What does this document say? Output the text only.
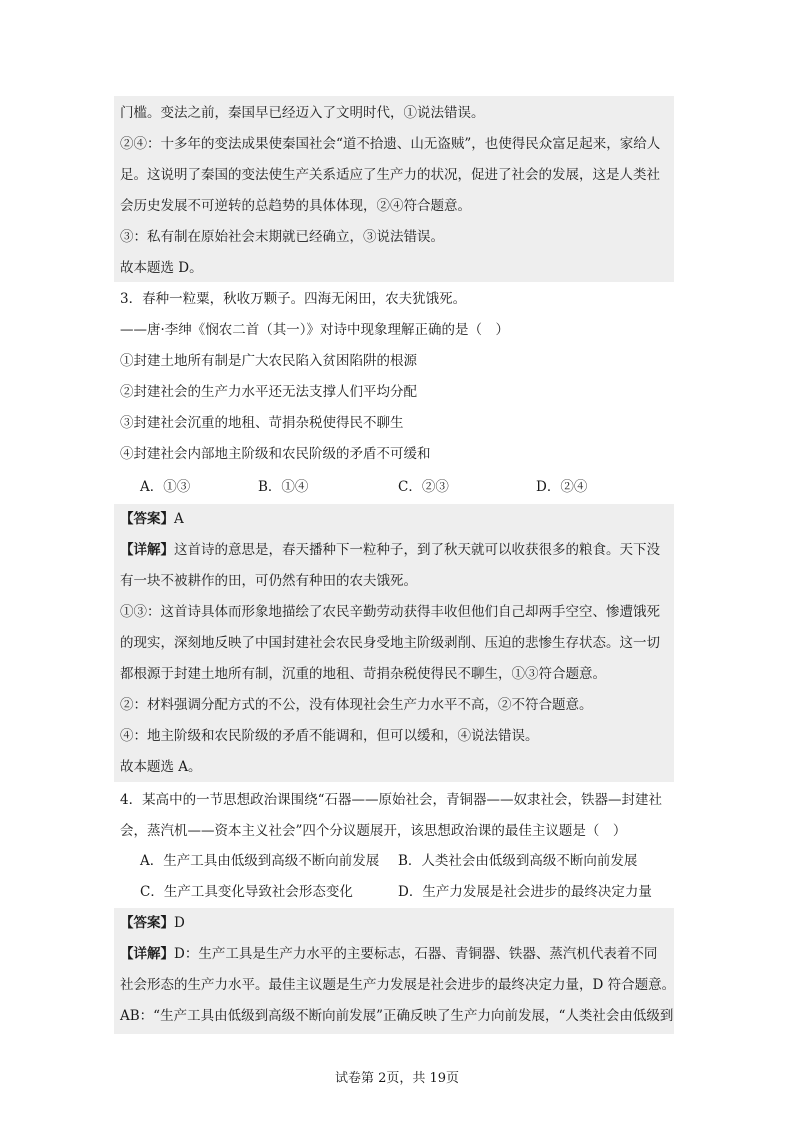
门槛。变法之前，秦国早已经迈入了文明时代，①说法错误。
②④：十多年的变法成果使秦国社会“道不拾遗、山无盗贼”，也使得民众富足起来，家给人
足。这说明了秦国的变法使生产关系适应了生产力的状况，促进了社会的发展，这是人类社
会历史发展不可逆转的总趋势的具体体现，②④符合题意。
③：私有制在原始社会末期就已经确立，③说法错误。
故本题选 D。
3．春种一粒粟，秋收万颗子。四海无闲田，农夫犹饿死。
——唐·李绅《悯农二首（其一）》对诗中现象理解正确的是（　）
①封建土地所有制是广大农民陷入贫困陷阱的根源
②封建社会的生产力水平还无法支撑人们平均分配
③封建社会沉重的地租、苛捐杂税使得民不聊生
④封建社会内部地主阶级和农民阶级的矛盾不可缓和
A．①③	B．①④	C．②③	D．②④
【答案】A
【详解】这首诗的意思是，春天播种下一粒种子，到了秋天就可以收获很多的粮食。天下没
有一块不被耕作的田，可仍然有种田的农夫饿死。
①③：这首诗具体而形象地描绘了农民辛勤劳动获得丰收但他们自己却两手空空、惨遭饿死
的现实，深刻地反映了中国封建社会农民身受地主阶级剥削、压迫的悲惨生存状态。这一切
都根源于封建土地所有制，沉重的地租、苛捐杂税使得民不聊生，①③符合题意。
②：材料强调分配方式的不公，没有体现社会生产力水平不高，②不符合题意。
④：地主阶级和农民阶级的矛盾不能调和，但可以缓和，④说法错误。
故本题选 A。
4．某高中的一节思想政治课围绕“石器——原始社会，青铜器——奴隶社会，铁器—封建社
会，蒸汽机——资本主义社会”四个分议题展开，该思想政治课的最佳主议题是（　）
A．生产工具由低级到高级不断向前发展 B．人类社会由低级到高级不断向前发展
C．生产工具变化导致社会形态变化	D．生产力发展是社会进步的最终决定力量
【答案】D
【详解】D：生产工具是生产力水平的主要标志，石器、青铜器、铁器、蒸汽机代表着不同
社会形态的生产力水平。最佳主议题是生产力发展是社会进步的最终决定力量，D 符合题意。
AB：“生产工具由低级到高级不断向前发展”正确反映了生产力向前发展，“人类社会由低级到
试卷第 2页，共 19页
